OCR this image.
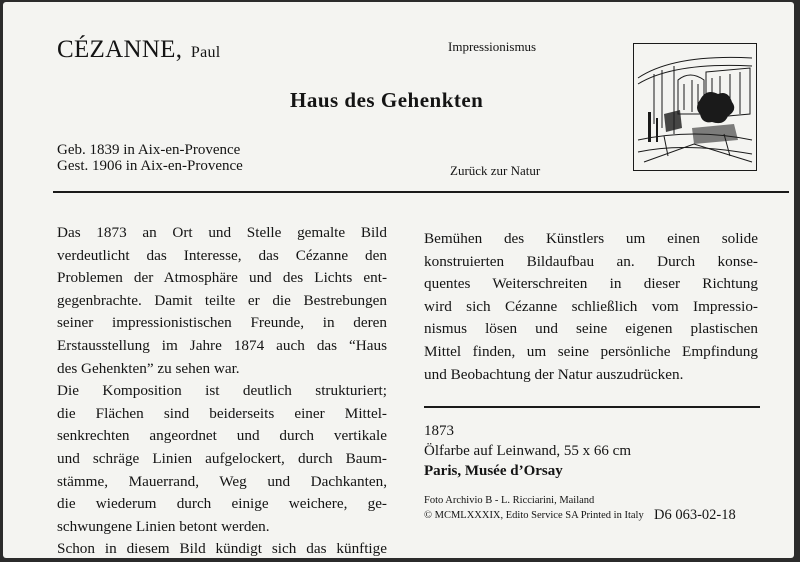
CÉZANNE, Paul	Impressionismus
Haus des Gehenkten
Geb. 1839 in Aix-en-Provence
Gest. 1906 in Aix-en-Provence	Zurück zur Natur

Das 1873 an Ort und Stelle gemalte Bild

verdeutlicht das Interesse, das Cézanne den

Problemen der Atmosphäre und des Lichts ent-

gegenbrachte. Damit teilte er die Bestrebungen

seiner impressionistischen Freunde, in deren

Erstausstellung im Jahre 1874 auch das “Haus

des Gehenkten” zu sehen war.

Die Komposition ist deutlich strukturiert;

die Flächen sind beiderseits einer Mittel-

senkrechten angeordnet und durch vertikale

und schräge Linien aufgelockert, durch Baum-

stämme, Mauerrand, Weg und Dachkanten,

die wiederum durch einige weichere, ge-

schwungene Linien betont werden.

Schon in diesem Bild kündigt sich das künftige

Bemühen des Künstlers um einen solide

konstruierten Bildaufbau an. Durch konse-

quentes Weiterschreiten in dieser Richtung

wird sich Cézanne schließlich vom Impressio-

nismus lösen und seine eigenen plastischen

Mittel finden, um seine persönliche Empfindung

und Beobachtung der Natur auszudrücken.

1873
Ölfarbe auf Leinwand, 55 x 66 cm
Paris, Musée d’Orsay
Foto Archivio B - L. Ricciarini, Mailand
© MCMLXXXIX, Edito Service SA Printed in Italy D6 063-02-18
